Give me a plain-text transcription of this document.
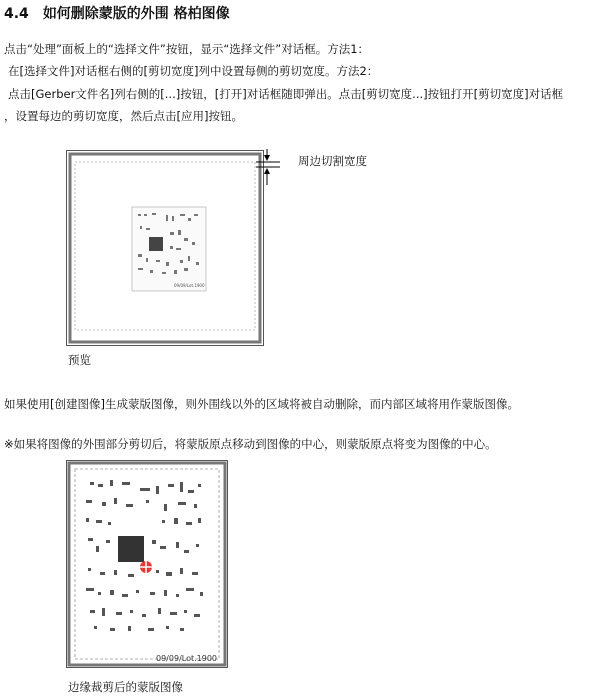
4.4 如何删除蒙版的外围 格柏图像
点击“处理”面板上的“选择文件”按钮，显示“选择文件”对话框。方法1：
在[选择文件]对话框右侧的[剪切宽度]列中设置每侧的剪切宽度。方法2：
点击[Gerber文件名]列右侧的[...]按钮，[打开]对话框随即弹出。点击[剪切宽度...]按钮打开[剪切宽度]对话框
，设置每边的剪切宽度，然后点击[应用]按钮。
09/09/Lot.1900
周边切割宽度
预览
如果使用[创建图像]生成蒙版图像，则外围线以外的区域将被自动删除，而内部区域将用作蒙版图像。
※如果将图像的外围部分剪切后，将蒙版原点移动到图像的中心，则蒙版原点将变为图像的中心。
09/09/Lot.1900
边缘裁剪后的蒙版图像
